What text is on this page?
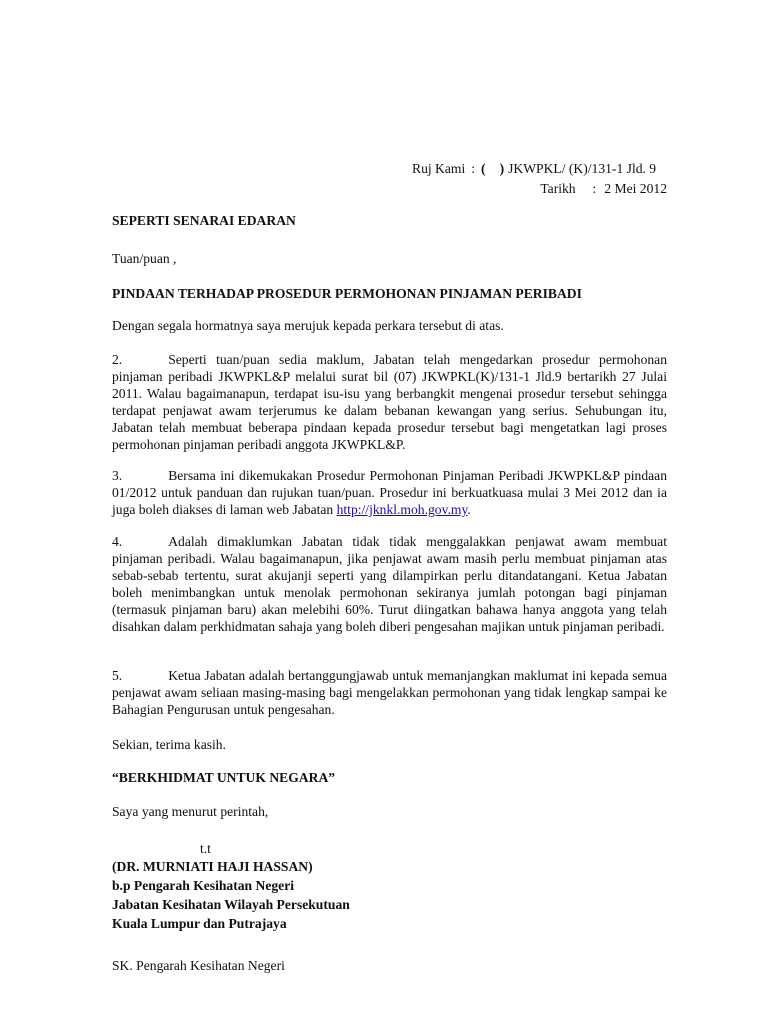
Ruj Kami : ( ) JKWPKL/ (K)/131-1 Jld. 9
Tarikh	: 2 Mei 2012

SEPERTI SENARAI EDARAN

Tuan/puan ,

PINDAAN TERHADAP PROSEDUR PERMOHONAN PINJAMAN PERIBADI

Dengan segala hormatnya saya merujuk kepada perkara tersebut di atas.

2.	Seperti tuan/puan sedia maklum, Jabatan telah mengedarkan prosedur permohonan pinjaman peribadi JKWPKL&P melalui surat bil (07) JKWPKL(K)/131-1 Jld.9 bertarikh 27 Julai 2011. Walau bagaimanapun, terdapat isu-isu yang berbangkit mengenai prosedur tersebut sehingga terdapat penjawat awam terjerumus ke dalam bebanan kewangan yang serius. Sehubungan itu, Jabatan telah membuat beberapa pindaan kepada prosedur tersebut bagi mengetatkan lagi proses permohonan pinjaman peribadi anggota JKWPKL&P.

3.	Bersama ini dikemukakan Prosedur Permohonan Pinjaman Peribadi JKWPKL&P pindaan 01/2012 untuk panduan dan rujukan tuan/puan. Prosedur ini berkuatkuasa mulai 3 Mei 2012 dan ia juga boleh diakses di laman web Jabatan http://jknkl.moh.gov.my.

4.	Adalah dimaklumkan Jabatan tidak tidak menggalakkan penjawat awam membuat pinjaman peribadi. Walau bagaimanapun, jika penjawat awam masih perlu membuat pinjaman atas sebab-sebab tertentu, surat akujanji seperti yang dilampirkan perlu ditandatangani. Ketua Jabatan boleh menimbangkan untuk menolak permohonan sekiranya jumlah potongan bagi pinjaman (termasuk pinjaman baru) akan melebihi 60%. Turut diingatkan bahawa hanya anggota yang telah disahkan dalam perkhidmatan sahaja yang boleh diberi pengesahan majikan untuk pinjaman peribadi.

5.	Ketua Jabatan adalah bertanggungjawab untuk memanjangkan maklumat ini kepada semua penjawat awam seliaan masing-masing bagi mengelakkan permohonan yang tidak lengkap sampai ke Bahagian Pengurusan untuk pengesahan.

Sekian, terima kasih.

“BERKHIDMAT UNTUK NEGARA”

Saya yang menurut perintah,

t.t

(DR. MURNIATI HAJI HASSAN)

b.p Pengarah Kesihatan Negeri

Jabatan Kesihatan Wilayah Persekutuan

Kuala Lumpur dan Putrajaya

SK. Pengarah Kesihatan Negeri
